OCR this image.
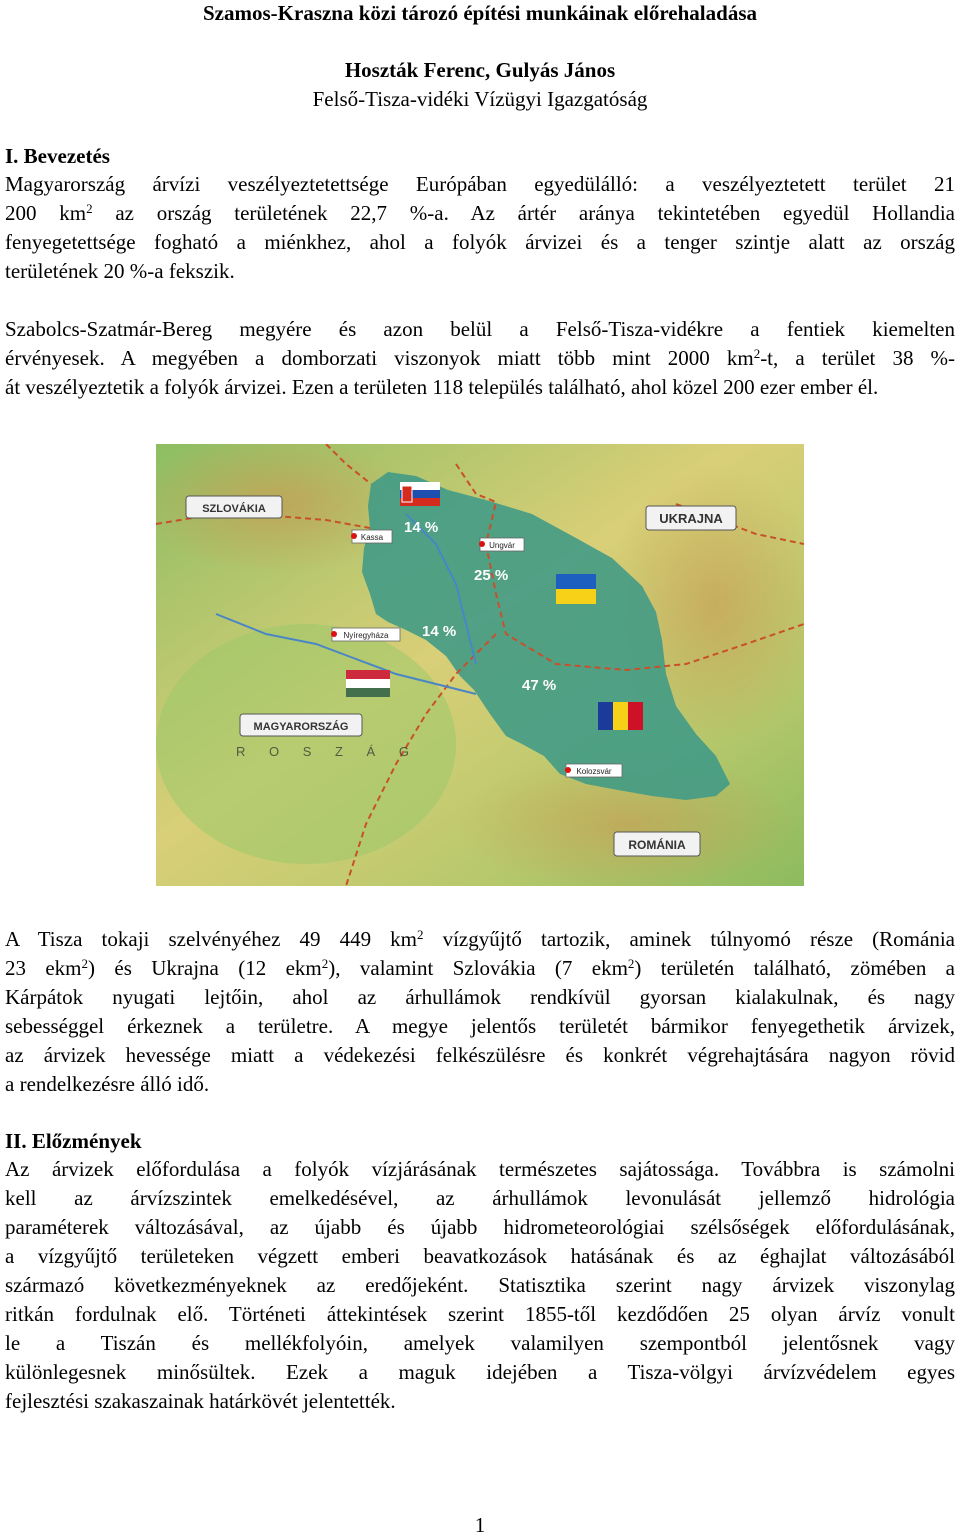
Szamos-Kraszna közi tározó építési munkáinak előrehaladása
Hoszták Ferenc, Gulyás János
Felső-Tisza-vidéki Vízügyi Igazgatóság
I. Bevezetés
Magyarország árvízi veszélyeztetettsége Európában egyedülálló: a veszélyeztetett terület 21 200 $km^2$ az ország területének 22,7 %-a. Az ártér aránya tekintetében egyedül Hollandia fenyegetettsége fogható a miénkhez, ahol a folyók árvizei és a tenger szintje alatt az ország területének 20 %-a fekszik.
Szabolcs-Szatmár-Bereg megyére és azon belül a Felső-Tisza-vidékre a fentiek kiemelten érvényesek. A megyében a domborzati viszonyok miatt több mint 2000 $km^2-t$, a terület 38 %- át veszélyeztetik a folyók árvizei. Ezen a területen 118 település található, ahol közel 200 ezer ember él.
SZLOVÁKIA
UKRAJNA
MAGYARORSZÁG
ROMÁNIA
R O S Z Á G
Kassa
Ungvár
Nyíregyháza
Kolozsvár
14 %
25 %
14 %
47 %
A Tisza tokaji szelvényéhez 49 449 $km^2$ vízgyűjtő tartozik, aminek túlnyomó része (Románia 23 ekm$^2$) és Ukrajna (12 ekm$^2$), valamint Szlovákia (7 ekm$^2$) területén található, zömében a Kárpátok nyugati lejtőin, ahol az árhullámok rendkívül gyorsan kialakulnak, és nagy sebességgel érkeznek a területre. A megye jelentős területét bármikor fenyegethetik árvizek, az árvizek hevessége miatt a védekezési felkészülésre és konkrét végrehajtására nagyon rövid a rendelkezésre álló idő.
II. Előzmények
Az árvizek előfordulása a folyók vízjárásának természetes sajátossága. Továbbra is számolni kell az árvízszintek emelkedésével, az árhullámok levonulását jellemző hidrológia paraméterek változásával, az újabb és újabb hidrometeorológiai szélsőségek előfordulásának, a vízgyűjtő területeken végzett emberi beavatkozások hatásának és az éghajlat változásából származó következményeknek az eredőjeként. Statisztika szerint nagy árvizek viszonylag ritkán fordulnak elő. Történeti áttekintések szerint 1855-től kezdődően 25 olyan árvíz vonult le a Tiszán és mellékfolyóin, amelyek valamilyen szempontból jelentősnek vagy különlegesnek minősültek. Ezek a maguk idejében a Tisza-völgyi árvízvédelem egyes fejlesztési szakaszainak határkövét jelentették.
1
